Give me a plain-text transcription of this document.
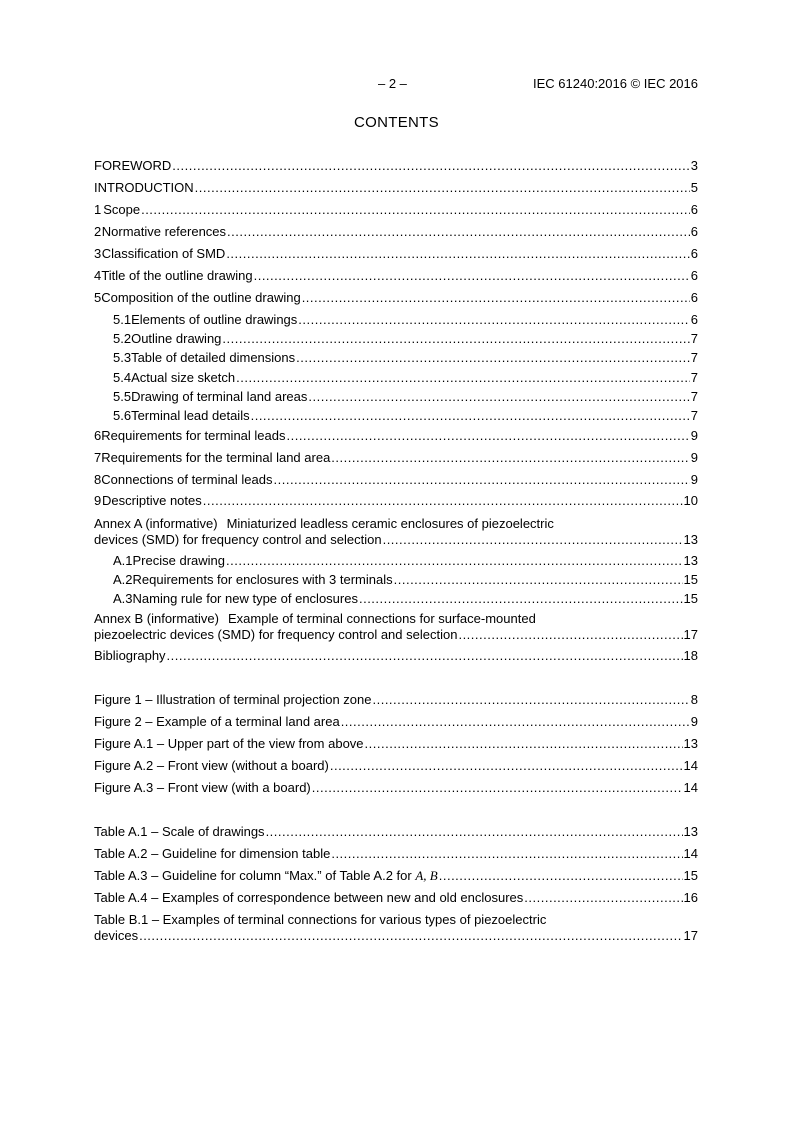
– 2 –	IEC 61240:2016 © IEC 2016
CONTENTS
FOREWORD .....	3
INTRODUCTION .....	5
1 Scope .....	6
2 Normative references .....	6
3 Classification of SMD .....	6
4 Title of the outline drawing .....	6
5 Composition of the outline drawing .....	6
5.1 Elements of outline drawings .....	6
5.2 Outline drawing .....	7
5.3 Table of detailed dimensions .....	7
5.4 Actual size sketch .....	7
5.5 Drawing of terminal land areas .....	7
5.6 Terminal lead details .....	7
6 Requirements for terminal leads .....	9
7 Requirements for the terminal land area .....	9
8 Connections of terminal leads .....	9
9 Descriptive notes .....	10
Annex A (informative) Miniaturized leadless ceramic enclosures of piezoelectric
devices (SMD) for frequency control and selection .....	13
A.1 Precise drawing .....	13
A.2 Requirements for enclosures with 3 terminals .....	15
A.3 Naming rule for new type of enclosures .....	15
Annex B (informative) Example of terminal connections for surface-mounted
piezoelectric devices (SMD) for frequency control and selection .....	17
Bibliography .....	18
Figure 1 – Illustration of terminal projection zone .....	8
Figure 2 – Example of a terminal land area .....	9
Figure A.1 – Upper part of the view from above .....	13
Figure A.2 – Front view (without a board) .....	14
Figure A.3 – Front view (with a board) .....	14
Table A.1 – Scale of drawings .....	13
Table A.2 – Guideline for dimension table .....	14
Table A.3 – Guideline for column “Max.” of Table A.2 for
A, B .....	15
Table A.4 – Examples of correspondence between new and old enclosures .....	16
Table B.1 – Examples of terminal connections for various types of piezoelectric
devices .....	17
